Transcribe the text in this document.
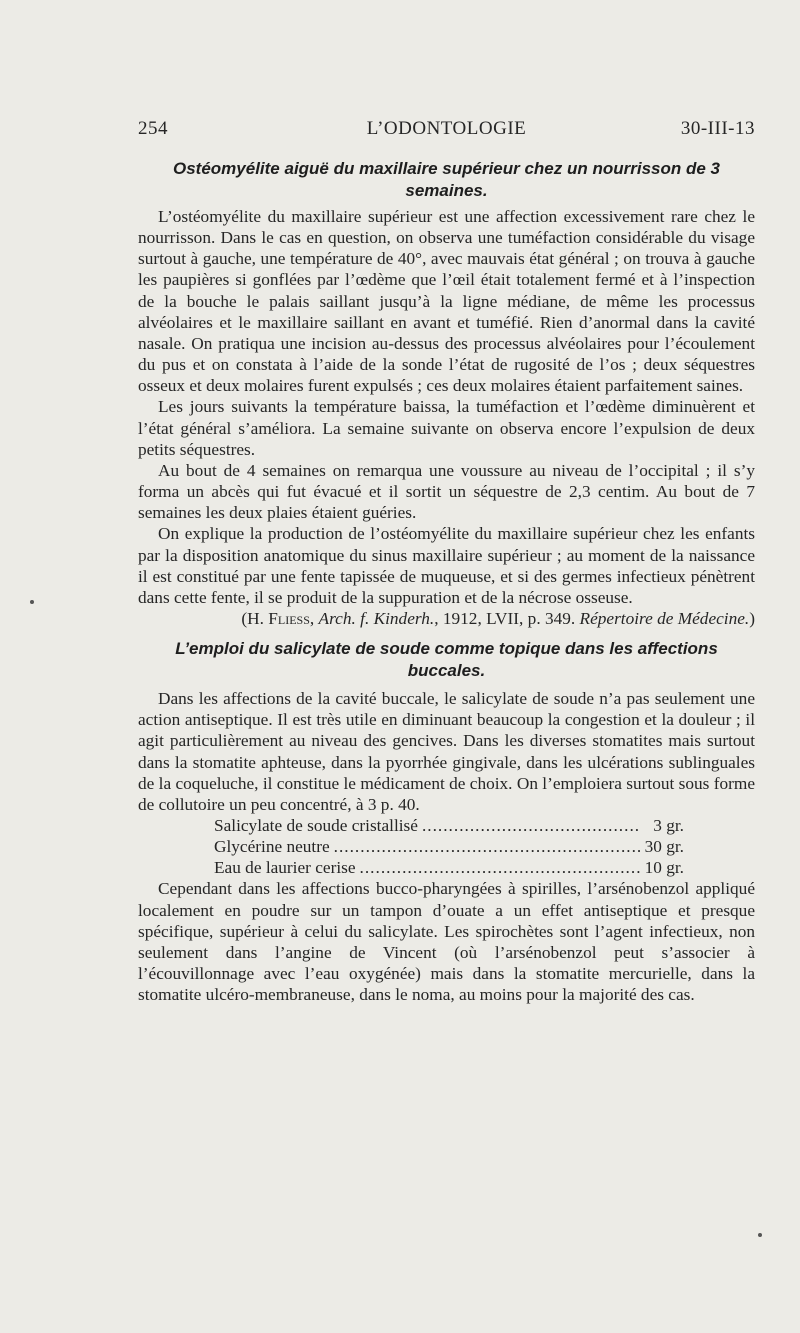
254	L’ODONTOLOGIE	30-III-13
Ostéomyélite aiguë du maxillaire supérieur chez un nourrisson de 3 semaines.

L’ostéomyélite du maxillaire supérieur est une affection excessivement rare chez le nourrisson. Dans le cas en question, on observa une tuméfaction considérable du visage surtout à gauche, une température de 40°, avec mauvais état général ; on trouva à gauche les paupières si gonflées par l’œdème que l’œil était totalement fermé et à l’inspection de la bouche le palais saillant jusqu’à la ligne médiane, de même les processus alvéolaires et le maxillaire saillant en avant et tuméfié. Rien d’anormal dans la cavité nasale. On pratiqua une incision au-dessus des processus alvéolaires pour l’écoulement du pus et on constata à l’aide de la sonde l’état de rugosité de l’os ; deux séquestres osseux et deux molaires furent expulsés ; ces deux molaires étaient parfaitement saines.

Les jours suivants la température baissa, la tuméfaction et l’œdème diminuèrent et l’état général s’améliora. La semaine suivante on observa encore l’expulsion de deux petits séquestres.

Au bout de 4 semaines on remarqua une voussure au niveau de l’occipital ; il s’y forma un abcès qui fut évacué et il sortit un séquestre de 2,3 centim. Au bout de 7 semaines les deux plaies étaient guéries.

On explique la production de l’ostéomyélite du maxillaire supérieur chez les enfants par la disposition anatomique du sinus maxillaire supérieur ; au moment de la naissance il est constitué par une fente tapissée de muqueuse, et si des germes infectieux pénètrent dans cette fente, il se produit de la suppuration et de la nécrose osseuse.

(H. Fliess, Arch. f. Kinderh., 1912, LVII, p. 349. Répertoire de Médecine.)

L’emploi du salicylate de soude comme topique dans les affections buccales.

Dans les affections de la cavité buccale, le salicylate de soude n’a pas seulement une action antiseptique. Il est très utile en diminuant beaucoup la congestion et la douleur ; il agit particulièrement au niveau des gencives. Dans les diverses stomatites mais surtout dans la stomatite aphteuse, dans la pyorrhée gingivale, dans les ulcérations sublinguales de la coqueluche, il constitue le médicament de choix. On l’emploiera surtout sous forme de collutoire un peu concentré, à 3 p. 40.

Salicylate de soude cristallisé .....	3 gr.
Glycérine neutre .....	30 gr.
Eau de laurier cerise .....	10 gr.

Cependant dans les affections bucco-pharyngées à spirilles, l’arsénobenzol appliqué localement en poudre sur un tampon d’ouate a un effet antiseptique et presque spécifique, supérieur à celui du salicylate. Les spirochètes sont l’agent infectieux, non seulement dans l’angine de Vincent (où l’arsénobenzol peut s’associer à l’écouvillonnage avec l’eau oxygénée) mais dans la stomatite mercurielle, dans la stomatite ulcéro-membraneuse, dans le noma, au moins pour la majorité des cas.
